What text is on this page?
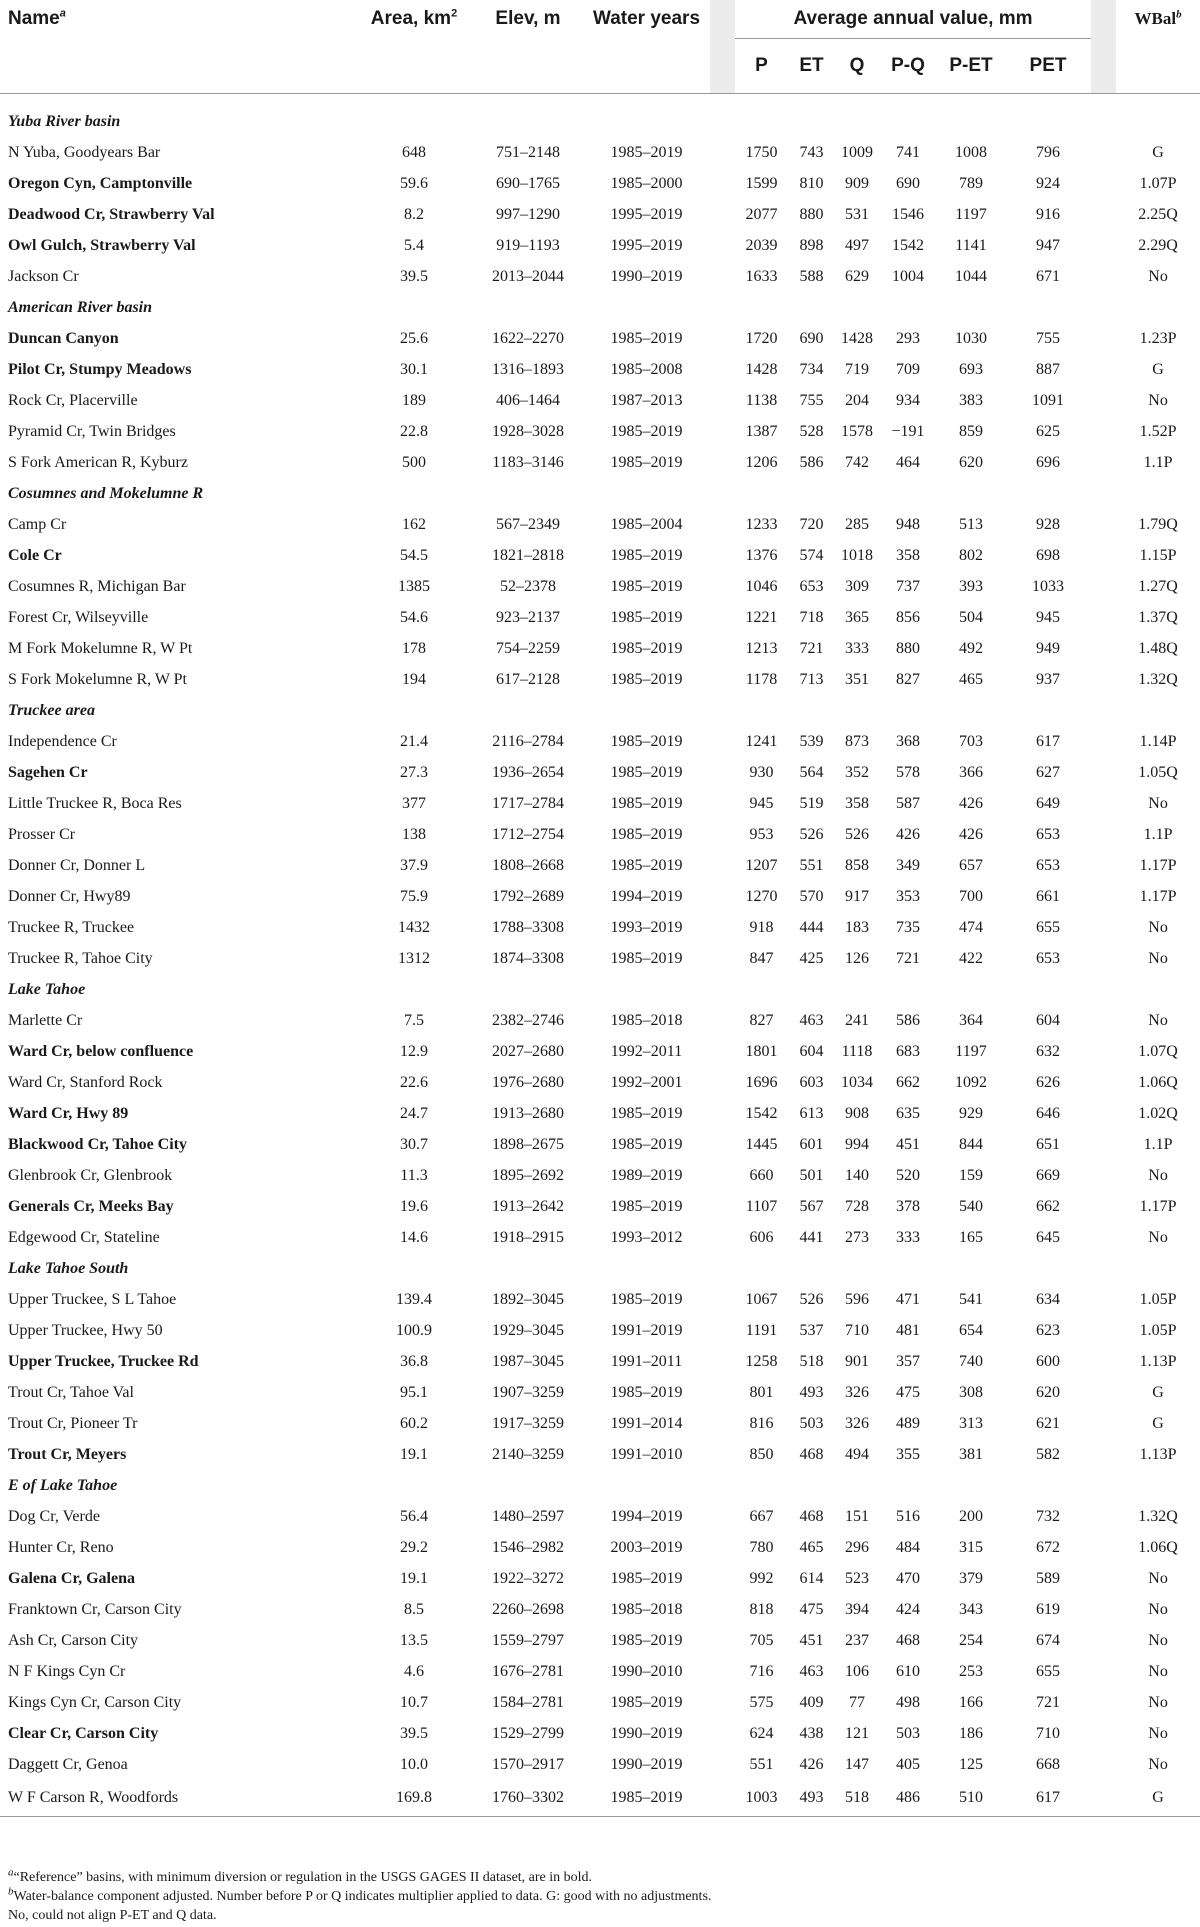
Name$^a$	Area, $km^2$	Elev, m	Water years		Average annual value, mm							WBal$^b$
					P	ET	Q	P-Q	P-ET	PET		

Yuba River basin												
N Yuba, Goodyears Bar	648	751–2148	1985–2019		1750	743	1009	741	1008	796		G
Oregon Cyn, Camptonville	59.6	690–1765	1985–2000		1599	810	909	690	789	924		1.07P
Deadwood Cr, Strawberry Val	8.2	997–1290	1995–2019		2077	880	531	1546	1197	916		2.25Q
Owl Gulch, Strawberry Val	5.4	919–1193	1995–2019		2039	898	497	1542	1141	947		2.29Q
Jackson Cr	39.5	2013–2044	1990–2019		1633	588	629	1004	1044	671		No
American River basin												
Duncan Canyon	25.6	1622–2270	1985–2019		1720	690	1428	293	1030	755		1.23P
Pilot Cr, Stumpy Meadows	30.1	1316–1893	1985–2008		1428	734	719	709	693	887		G
Rock Cr, Placerville	189	406–1464	1987–2013		1138	755	204	934	383	1091		No
Pyramid Cr, Twin Bridges	22.8	1928–3028	1985–2019		1387	528	1578	−191	859	625		1.52P
S Fork American R, Kyburz	500	1183–3146	1985–2019		1206	586	742	464	620	696		1.1P
Cosumnes and Mokelumne R												
Camp Cr	162	567–2349	1985–2004		1233	720	285	948	513	928		1.79Q
Cole Cr	54.5	1821–2818	1985–2019		1376	574	1018	358	802	698		1.15P
Cosumnes R, Michigan Bar	1385	52–2378	1985–2019		1046	653	309	737	393	1033		1.27Q
Forest Cr, Wilseyville	54.6	923–2137	1985–2019		1221	718	365	856	504	945		1.37Q
M Fork Mokelumne R, W Pt	178	754–2259	1985–2019		1213	721	333	880	492	949		1.48Q
S Fork Mokelumne R, W Pt	194	617–2128	1985–2019		1178	713	351	827	465	937		1.32Q
Truckee area												
Independence Cr	21.4	2116–2784	1985–2019		1241	539	873	368	703	617		1.14P
Sagehen Cr	27.3	1936–2654	1985–2019		930	564	352	578	366	627		1.05Q
Little Truckee R, Boca Res	377	1717–2784	1985–2019		945	519	358	587	426	649		No
Prosser Cr	138	1712–2754	1985–2019		953	526	526	426	426	653		1.1P
Donner Cr, Donner L	37.9	1808–2668	1985–2019		1207	551	858	349	657	653		1.17P
Donner Cr, Hwy89	75.9	1792–2689	1994–2019		1270	570	917	353	700	661		1.17P
Truckee R, Truckee	1432	1788–3308	1993–2019		918	444	183	735	474	655		No
Truckee R, Tahoe City	1312	1874–3308	1985–2019		847	425	126	721	422	653		No
Lake Tahoe												
Marlette Cr	7.5	2382–2746	1985–2018		827	463	241	586	364	604		No
Ward Cr, below confluence	12.9	2027–2680	1992–2011		1801	604	1118	683	1197	632		1.07Q
Ward Cr, Stanford Rock	22.6	1976–2680	1992–2001		1696	603	1034	662	1092	626		1.06Q
Ward Cr, Hwy 89	24.7	1913–2680	1985–2019		1542	613	908	635	929	646		1.02Q
Blackwood Cr, Tahoe City	30.7	1898–2675	1985–2019		1445	601	994	451	844	651		1.1P
Glenbrook Cr, Glenbrook	11.3	1895–2692	1989–2019		660	501	140	520	159	669		No
Generals Cr, Meeks Bay	19.6	1913–2642	1985–2019		1107	567	728	378	540	662		1.17P
Edgewood Cr, Stateline	14.6	1918–2915	1993–2012		606	441	273	333	165	645		No
Lake Tahoe South												
Upper Truckee, S L Tahoe	139.4	1892–3045	1985–2019		1067	526	596	471	541	634		1.05P
Upper Truckee, Hwy 50	100.9	1929–3045	1991–2019		1191	537	710	481	654	623		1.05P
Upper Truckee, Truckee Rd	36.8	1987–3045	1991–2011		1258	518	901	357	740	600		1.13P
Trout Cr, Tahoe Val	95.1	1907–3259	1985–2019		801	493	326	475	308	620		G
Trout Cr, Pioneer Tr	60.2	1917–3259	1991–2014		816	503	326	489	313	621		G
Trout Cr, Meyers	19.1	2140–3259	1991–2010		850	468	494	355	381	582		1.13P
E of Lake Tahoe												
Dog Cr, Verde	56.4	1480–2597	1994–2019		667	468	151	516	200	732		1.32Q
Hunter Cr, Reno	29.2	1546–2982	2003–2019		780	465	296	484	315	672		1.06Q
Galena Cr, Galena	19.1	1922–3272	1985–2019		992	614	523	470	379	589		No
Franktown Cr, Carson City	8.5	2260–2698	1985–2018		818	475	394	424	343	619		No
Ash Cr, Carson City	13.5	1559–2797	1985–2019		705	451	237	468	254	674		No
N F Kings Cyn Cr	4.6	1676–2781	1990–2010		716	463	106	610	253	655		No
Kings Cyn Cr, Carson City	10.7	1584–2781	1985–2019		575	409	77	498	166	721		No
Clear Cr, Carson City	39.5	1529–2799	1990–2019		624	438	121	503	186	710		No
Daggett Cr, Genoa	10.0	1570–2917	1990–2019		551	426	147	405	125	668		No
W F Carson R, Woodfords	169.8	1760–3302	1985–2019		1003	493	518	486	510	617		G
$^a$“Reference” basins, with minimum diversion or regulation in the USGS GAGES II dataset, are in bold.
$^b$Water-balance component adjusted. Number before P or Q indicates multiplier applied to data. G: good with no adjustments.
No, could not align P-ET and Q data.
